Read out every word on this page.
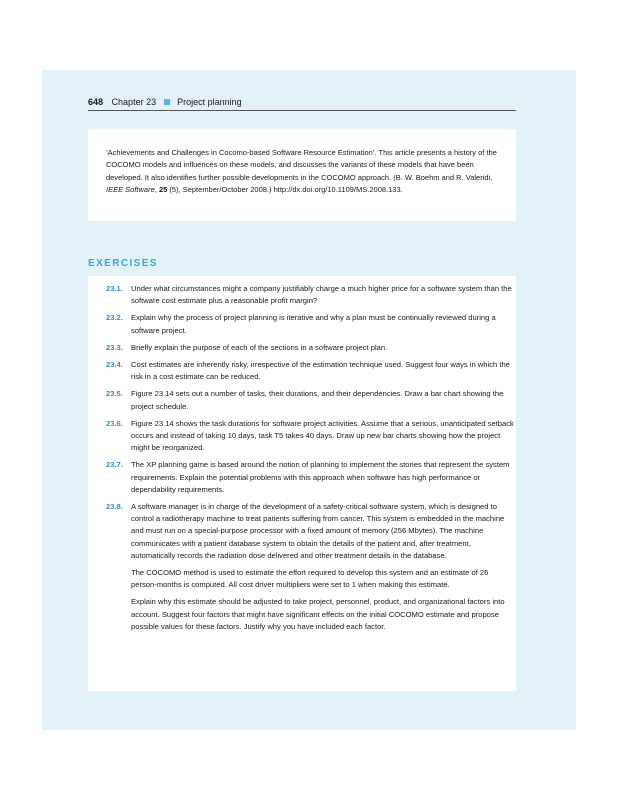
648 Chapter 23 Project planning
‘Achievements and Challenges in Cocomo-based Software Resource Estimation’. This article presents a history of the COCOMO models and influences on these models, and discusses the variants of these models that have been developed. It also identifies further possible developments in the COCOMO approach. (B. W. Boehm and R. Valeridi, IEEE Software, 25 (5), September/October 2008.) http://dx.doi.org/10.1109/MS.2008.133.
EXERCISES
23.1. Under what circumstances might a company justifiably charge a much higher price for a software system than the software cost estimate plus a reasonable profit margin?
23.2. Explain why the process of project planning is iterative and why a plan must be continually reviewed during a software project.
23.3. Briefly explain the purpose of each of the sections in a software project plan.
23.4. Cost estimates are inherently risky, irrespective of the estimation technique used. Suggest four ways in which the risk in a cost estimate can be reduced.
23.5. Figure 23.14 sets out a number of tasks, their durations, and their dependencies. Draw a bar chart showing the project schedule.
23.6. Figure 23.14 shows the task durations for software project activities. Assume that a serious, unanticipated setback occurs and instead of taking 10 days, task T5 takes 40 days. Draw up new bar charts showing how the project might be reorganized.
23.7. The XP planning game is based around the notion of planning to implement the stories that represent the system requirements. Explain the potential problems with this approach when software has high performance or dependability requirements.
23.8. A software manager is in charge of the development of a safety-critical software system, which is designed to control a radiotherapy machine to treat patients suffering from cancer. This system is embedded in the machine and must run on a special-purpose processor with a fixed amount of memory (256 Mbytes). The machine communicates with a patient database system to obtain the details of the patient and, after treatment, automatically records the radiation dose delivered and other treatment details in the database.
The COCOMO method is used to estimate the effort required to develop this system and an estimate of 26 person-months is computed. All cost driver multipliers were set to 1 when making this estimate.
Explain why this estimate should be adjusted to take project, personnel, product, and organizational factors into account. Suggest four factors that might have significant effects on the initial COCOMO estimate and propose possible values for these factors. Justify why you have included each factor.
